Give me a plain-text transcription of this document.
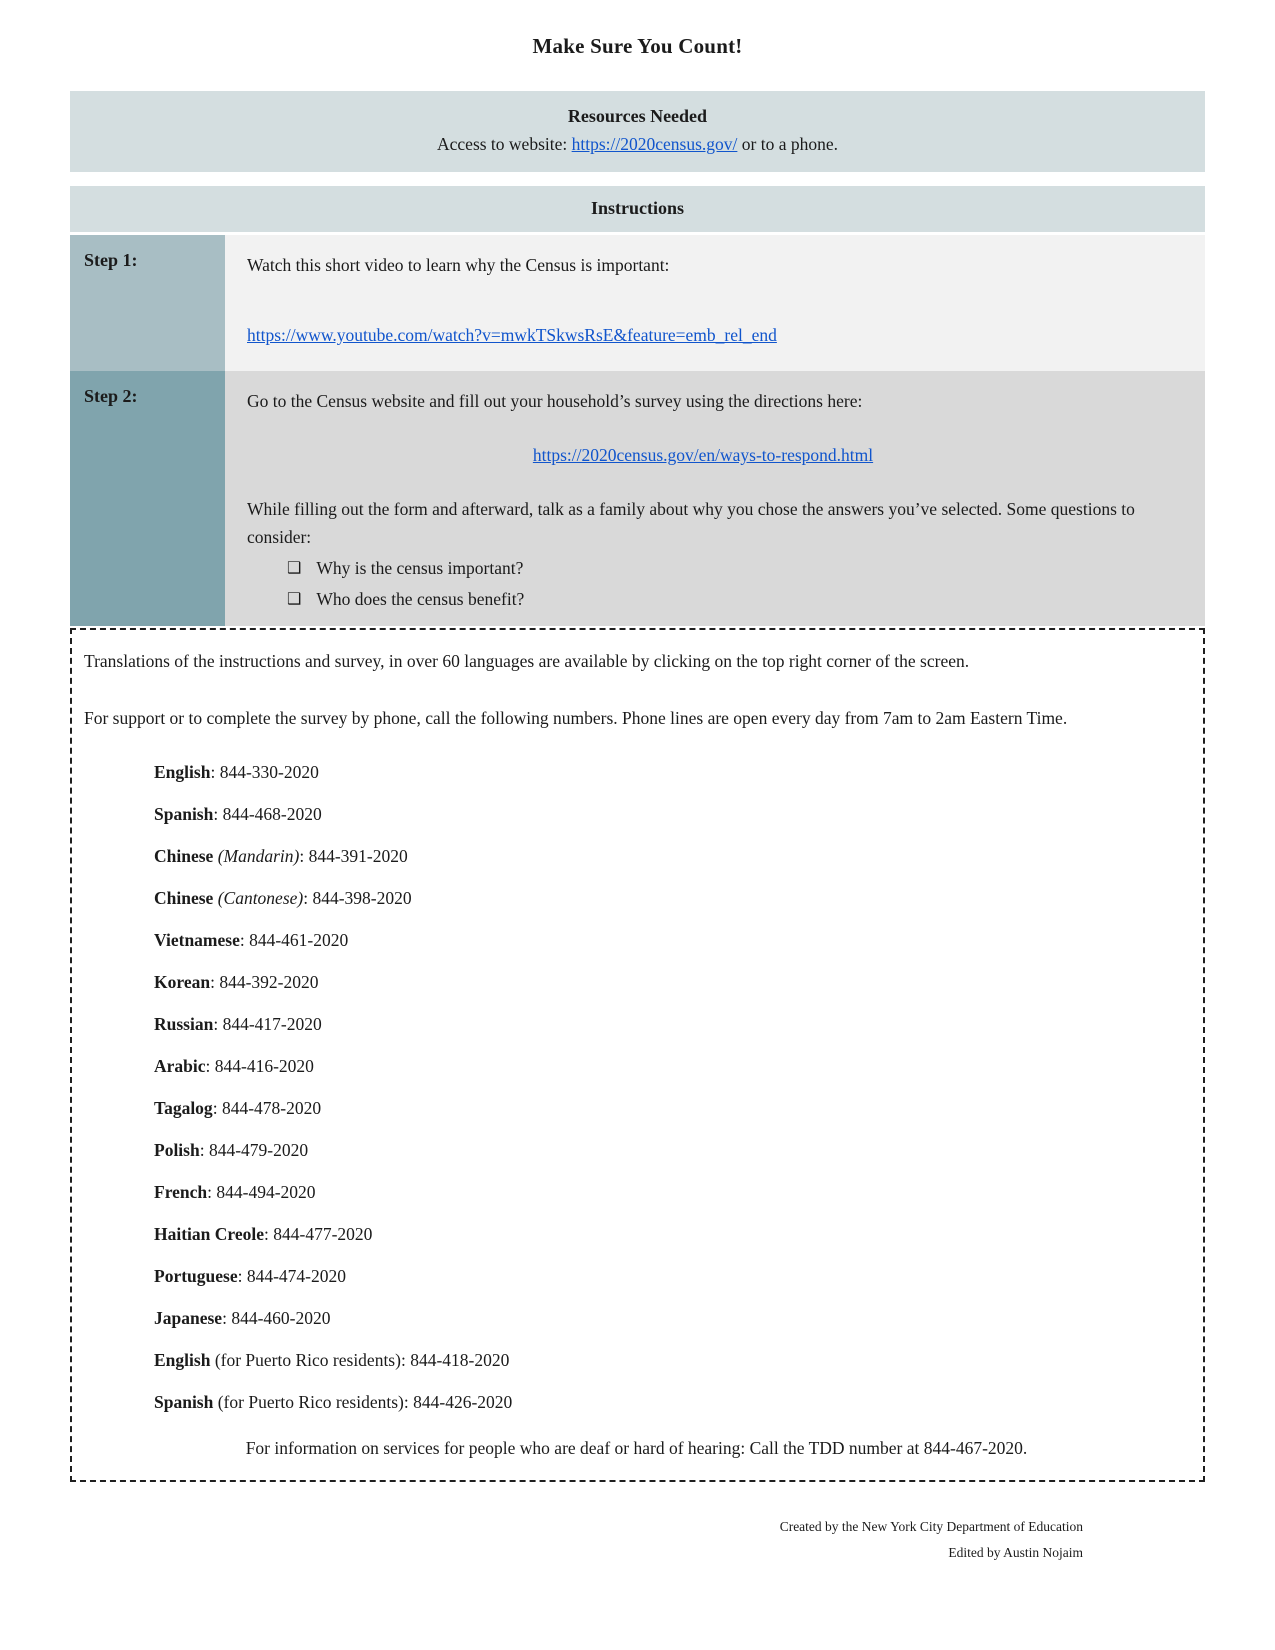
Make Sure You Count!
Resources Needed
Access to website: https://2020census.gov/ or to a phone.
Instructions
Step 1:	Watch this short video to learn why the Census is important:

https://www.youtube.com/watch?v=mwkTSkwsRsE&feature=emb_rel_end

Step 2:	Go to the Census website and fill out your household’s survey using the directions here:

https://2020census.gov/en/ways-to-respond.html

While filling out the form and afterward, talk as a family about why you chose the answers you’ve selected. Some questions to consider:

❑ Why is the census important?
❑ Who does the census benefit?

Translations of the instructions and survey, in over 60 languages are available by clicking on the top right corner of the screen.

For support or to complete the survey by phone, call the following numbers. Phone lines are open every day from 7am to 2am Eastern Time.

English: 844-330-2020
Spanish: 844-468-2020
Chinese (Mandarin): 844-391-2020
Chinese (Cantonese): 844-398-2020
Vietnamese: 844-461-2020
Korean: 844-392-2020
Russian: 844-417-2020
Arabic: 844-416-2020
Tagalog: 844-478-2020
Polish: 844-479-2020
French: 844-494-2020
Haitian Creole: 844-477-2020
Portuguese: 844-474-2020
Japanese: 844-460-2020
English (for Puerto Rico residents): 844-418-2020
Spanish (for Puerto Rico residents): 844-426-2020

For information on services for people who are deaf or hard of hearing: Call the TDD number at 844-467-2020.

Created by the New York City Department of Education
Edited by Austin Nojaim
